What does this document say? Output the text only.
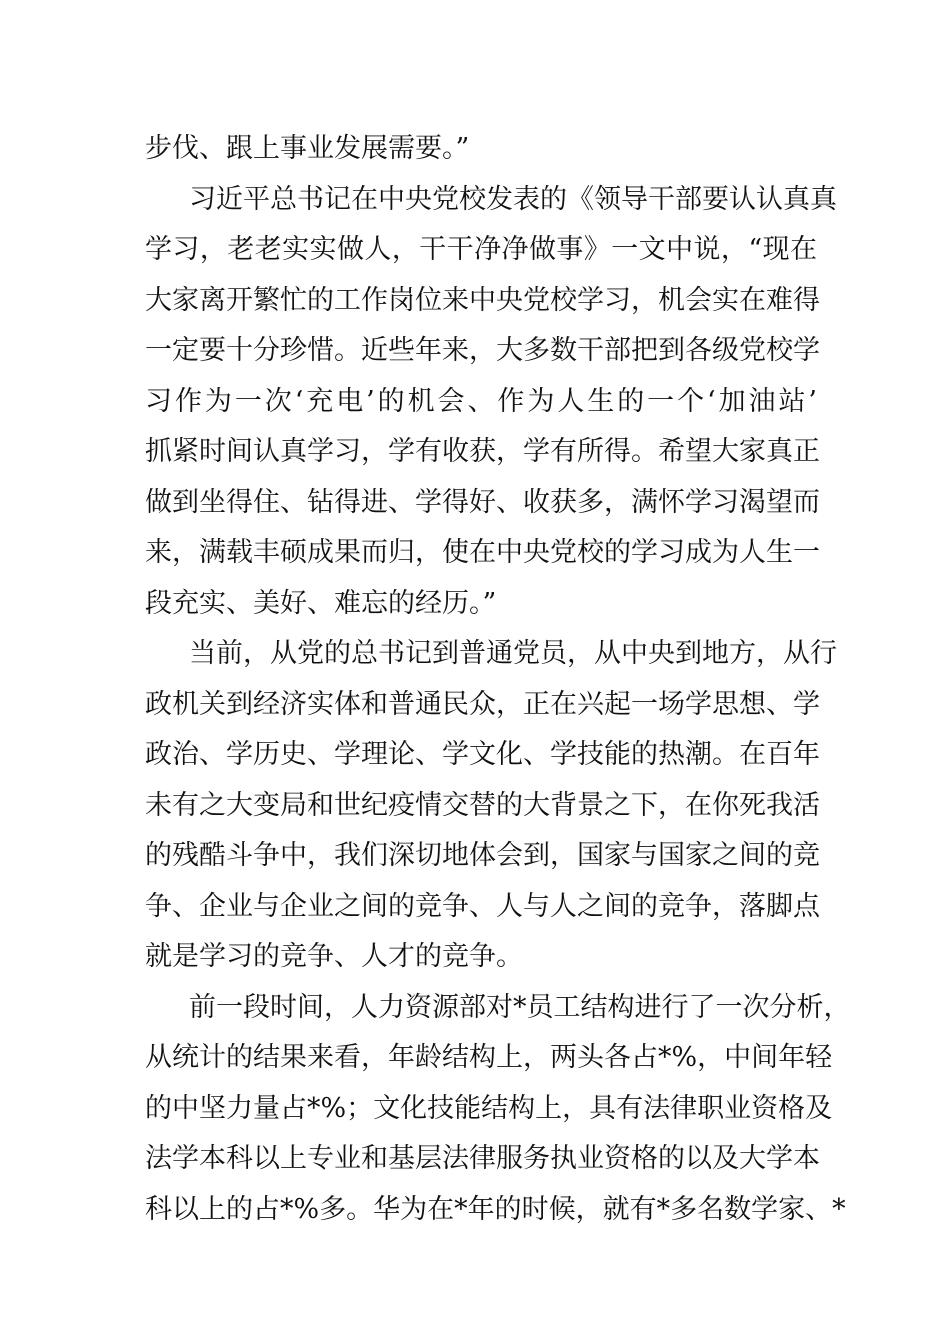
步伐、跟上事业发展需要。”
习近平总书记在中央党校发表的《领导干部要认认真真
学习，老老实实做人，干干净净做事》一文中说，“现在
大家离开繁忙的工作岗位来中央党校学习，机会实在难得
一定要十分珍惜。近些年来，大多数干部把到各级党校学
习作为一次‘充电’的机会、作为人生的一个‘加油站’
抓紧时间认真学习，学有收获，学有所得。希望大家真正
做到坐得住、钻得进、学得好、收获多，满怀学习渴望而
来，满载丰硕成果而归，使在中央党校的学习成为人生一
段充实、美好、难忘的经历。”
当前，从党的总书记到普通党员，从中央到地方，从行
政机关到经济实体和普通民众，正在兴起一场学思想、学
政治、学历史、学理论、学文化、学技能的热潮。在百年
未有之大变局和世纪疫情交替的大背景之下，在你死我活
的残酷斗争中，我们深切地体会到，国家与国家之间的竞
争、企业与企业之间的竞争、人与人之间的竞争，落脚点
就是学习的竞争、人才的竞争。
前一段时间，人力资源部对*员工结构进行了一次分析，
从统计的结果来看，年龄结构上，两头各占*%，中间年轻
的中坚力量占*%；文化技能结构上，具有法律职业资格及
法学本科以上专业和基层法律服务执业资格的以及大学本
科以上的占*%多。华为在*年的时候，就有*多名数学家、*
